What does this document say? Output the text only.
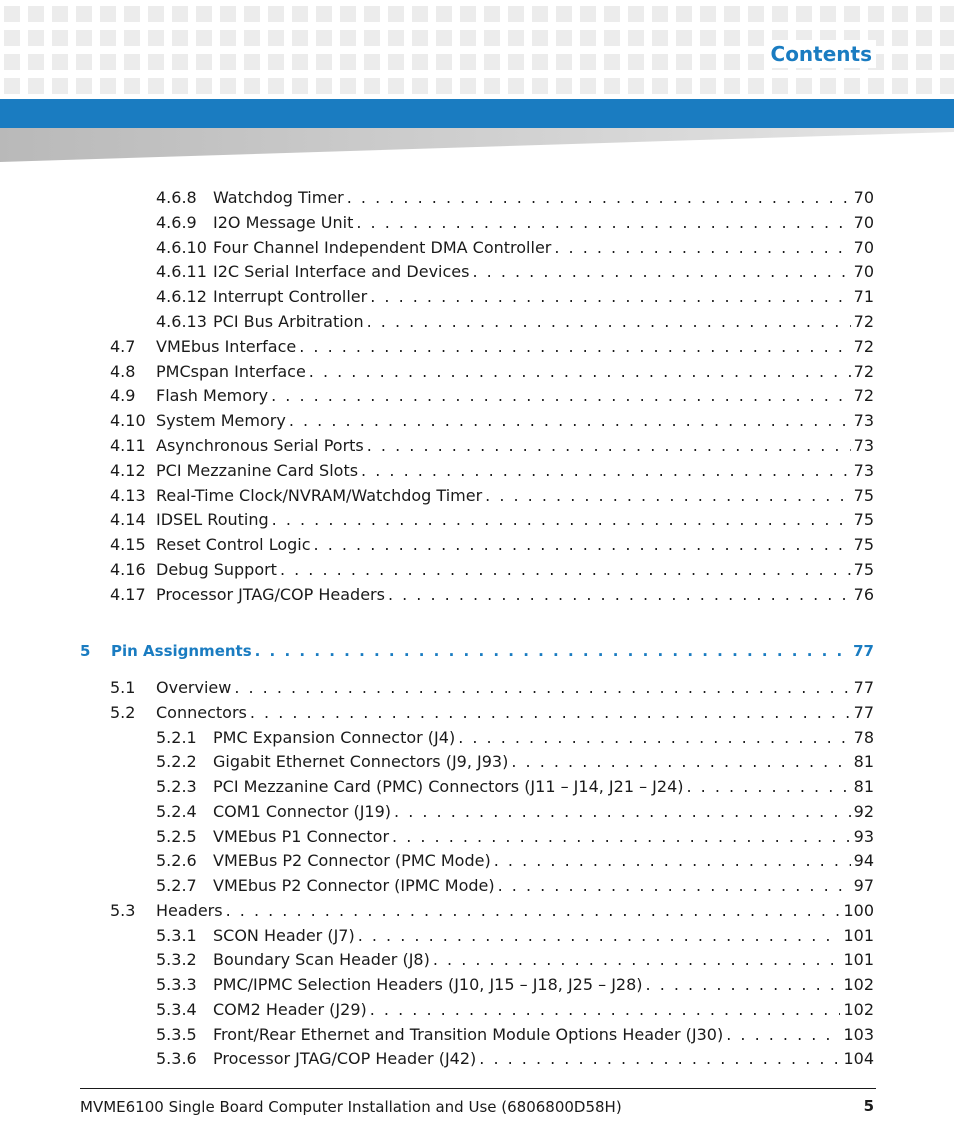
Contents
4.6.8	Watchdog Timer . . .	70
4.6.9	I2O Message Unit . . .	70
4.6.10 Four Channel Independent DMA Controller . . .	70
4.6.11 I2C Serial Interface and Devices . . .	70
4.6.12 Interrupt Controller . . .	71
4.6.13 PCI Bus Arbitration . . .	72
4.7	VMEbus Interface . . .	72
4.8	PMCspan Interface . . .	72
4.9	Flash Memory . . .	72
4.10 System Memory . . .	73
4.11 Asynchronous Serial Ports . . .	73
4.12 PCI Mezzanine Card Slots . . .	73
4.13 Real-Time Clock/NVRAM/Watchdog Timer . . .	75
4.14 IDSEL Routing . . .	75
4.15 Reset Control Logic . . .	75
4.16 Debug Support . . .	75
4.17 Processor JTAG/COP Headers . . .	76
5	Pin Assignments . . .	77
5.1	Overview . . .	77
5.2	Connectors . . .	77
5.2.1	PMC Expansion Connector (J4) . . .	78
5.2.2	Gigabit Ethernet Connectors (J9, J93) . . .	81
5.2.3	PCI Mezzanine Card (PMC) Connectors (J11 – J14, J21 – J24) . . .	81
5.2.4	COM1 Connector (J19) . . .	92
5.2.5	VMEbus P1 Connector . . .	93
5.2.6	VMEBus P2 Connector (PMC Mode) . . .	94
5.2.7	VMEbus P2 Connector (IPMC Mode) . . .	97
5.3	Headers . . .	100
5.3.1	SCON Header (J7) . . .	101
5.3.2	Boundary Scan Header (J8) . . .	101
5.3.3	PMC/IPMC Selection Headers (J10, J15 – J18, J25 – J28) . . .	102
5.3.4	COM2 Header (J29) . . .	102
5.3.5	Front/Rear Ethernet and Transition Module Options Header (J30) . . .	103
5.3.6	Processor JTAG/COP Header (J42) . . .	104
MVME6100 Single Board Computer Installation and Use (6806800D58H)	5
